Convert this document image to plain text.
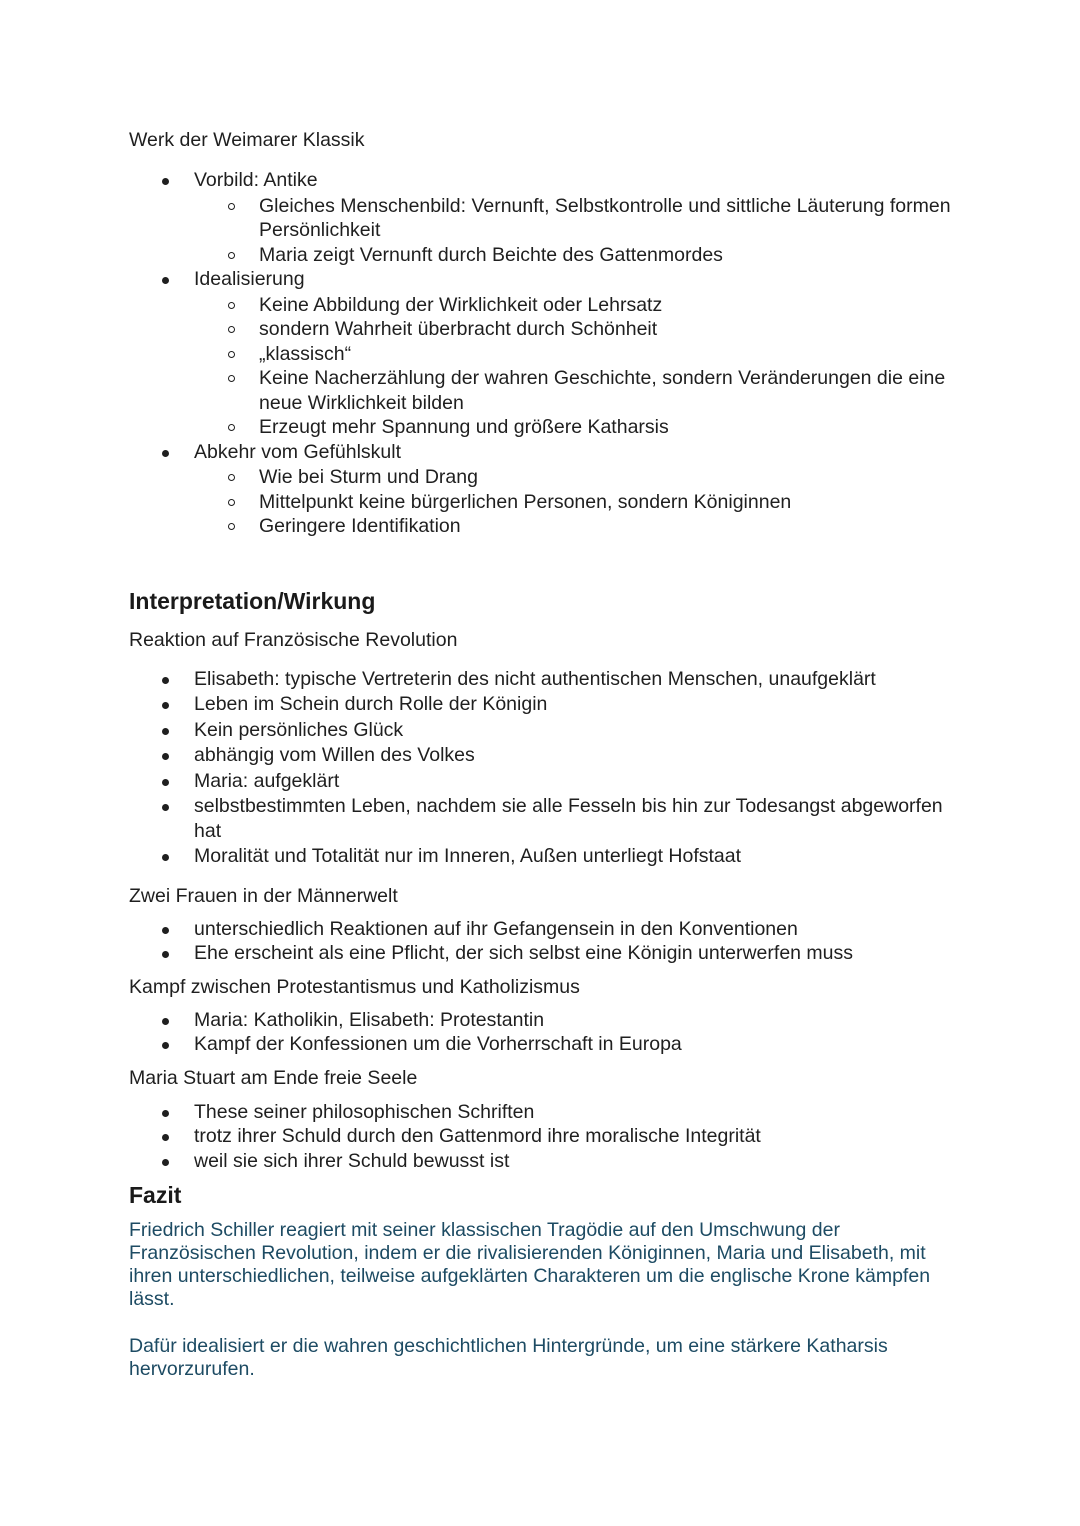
Werk der Weimarer Klassik

Vorbild: Antike
Gleiches Menschenbild: Vernunft, Selbstkontrolle und sittliche Läuterung formen Persönlichkeit
Maria zeigt Vernunft durch Beichte des Gattenmordes
Idealisierung
Keine Abbildung der Wirklichkeit oder Lehrsatz
sondern Wahrheit überbracht durch Schönheit
„klassisch“
Keine Nacherzählung der wahren Geschichte, sondern Veränderungen die eine neue Wirklichkeit bilden
Erzeugt mehr Spannung und größere Katharsis
Abkehr vom Gefühlskult
Wie bei Sturm und Drang
Mittelpunkt keine bürgerlichen Personen, sondern Königinnen
Geringere Identifikation
Interpretation/Wirkung

Reaktion auf Französische Revolution

Elisabeth: typische Vertreterin des nicht authentischen Menschen, unaufgeklärt
Leben im Schein durch Rolle der Königin
Kein persönliches Glück
abhängig vom Willen des Volkes
Maria: aufgeklärt
selbstbestimmten Leben, nachdem sie alle Fesseln bis hin zur Todesangst abgeworfen hat
Moralität und Totalität nur im Inneren, Außen unterliegt Hofstaat

Zwei Frauen in der Männerwelt

unterschiedlich Reaktionen auf ihr Gefangensein in den Konventionen
Ehe erscheint als eine Pflicht, der sich selbst eine Königin unterwerfen muss

Kampf zwischen Protestantismus und Katholizismus

Maria: Katholikin, Elisabeth: Protestantin
Kampf der Konfessionen um die Vorherrschaft in Europa

Maria Stuart am Ende freie Seele

These seiner philosophischen Schriften
trotz ihrer Schuld durch den Gattenmord ihre moralische Integrität
weil sie sich ihrer Schuld bewusst ist
Fazit

Friedrich Schiller reagiert mit seiner klassischen Tragödie auf den Umschwung der Französischen Revolution, indem er die rivalisierenden Königinnen, Maria und Elisabeth, mit ihren unterschiedlichen, teilweise aufgeklärten Charakteren um die englische Krone kämpfen lässt.

Dafür idealisiert er die wahren geschichtlichen Hintergründe, um eine stärkere Katharsis hervorzurufen.
